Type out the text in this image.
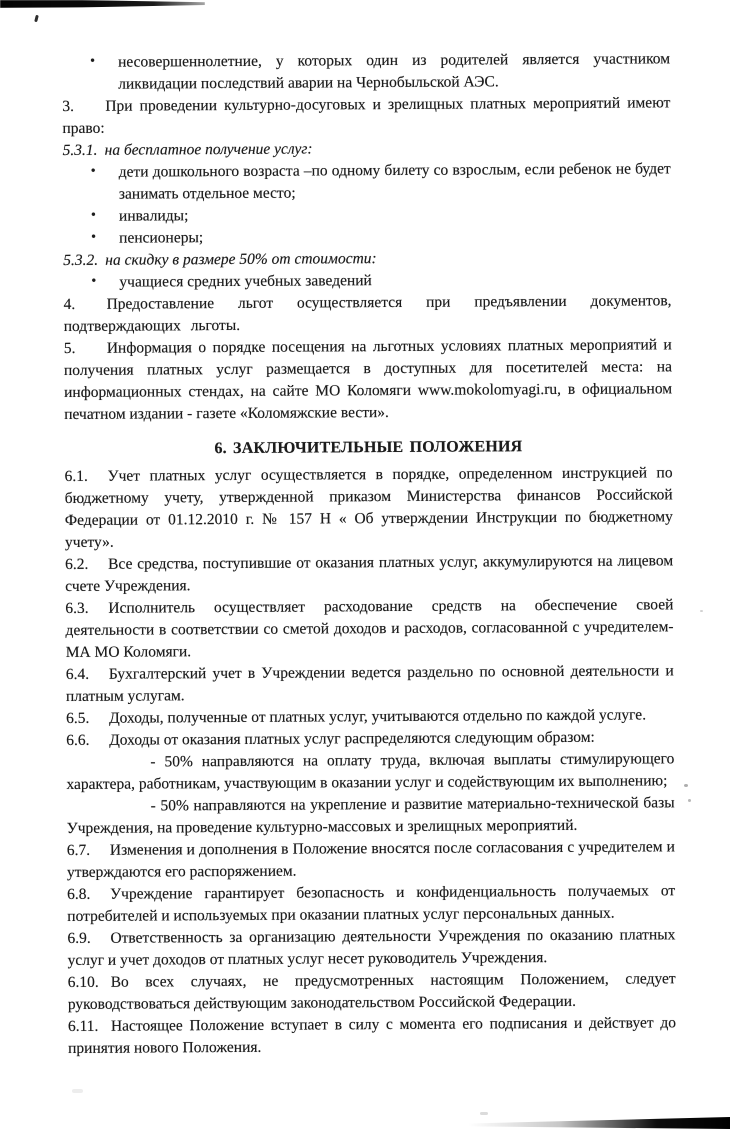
• несовершеннолетние, у которых один из родителей является участником ликвидации последствий аварии на Чернобыльской АЭС.

3. При проведении культурно-досуговых и зрелищных платных мероприятий имеют право:

5.3.1. на бесплатное получение услуг:

• дети дошкольного возраста –по одному билету со взрослым, если ребенок не будет занимать отдельное место;

• инвалиды;

• пенсионеры;

5.3.2. на скидку в размере 50% от стоимости:

• учащиеся средних учебных заведений

4. Предоставление льгот осуществляется при предъявлении документов, подтверждающих льготы.

5. Информация о порядке посещения на льготных условиях платных мероприятий и получения платных услуг размещается в доступных для посетителей места: на информационных стендах, на сайте МО Коломяги www.mokolomyagi.ru, в официальном печатном издании - газете «Коломяжские вести».

6. ЗАКЛЮЧИТЕЛЬНЫЕ ПОЛОЖЕНИЯ

6.1. Учет платных услуг осуществляется в порядке, определенном инструкцией по бюджетному учету, утвержденной приказом Министерства финансов Российской Федерации от 01.12.2010 г. № 157 Н « Об утверждении Инструкции по бюджетному учету».

6.2. Все средства, поступившие от оказания платных услуг, аккумулируются на лицевом счете Учреждения.

6.3. Исполнитель осуществляет расходование средств на обеспечение своей деятельности в соответствии со сметой доходов и расходов, согласованной с учредителем-МА МО Коломяги.

6.4. Бухгалтерский учет в Учреждении ведется раздельно по основной деятельности и платным услугам.

6.5. Доходы, полученные от платных услуг, учитываются отдельно по каждой услуге.

6.6. Доходы от оказания платных услуг распределяются следующим образом:

- 50% направляются на оплату труда, включая выплаты стимулирующего характера, работникам, участвующим в оказании услуг и содействующим их выполнению;

- 50% направляются на укрепление и развитие материально-технической базы Учреждения, на проведение культурно-массовых и зрелищных мероприятий.

6.7. Изменения и дополнения в Положение вносятся после согласования с учредителем и утверждаются его распоряжением.

6.8. Учреждение гарантирует безопасность и конфиденциальность получаемых от потребителей и используемых при оказании платных услуг персональных данных.

6.9. Ответственность за организацию деятельности Учреждения по оказанию платных услуг и учет доходов от платных услуг несет руководитель Учреждения.

6.10. Во всех случаях, не предусмотренных настоящим Положением, следует руководствоваться действующим законодательством Российской Федерации.

6.11. Настоящее Положение вступает в силу с момента его подписания и действует до принятия нового Положения.
